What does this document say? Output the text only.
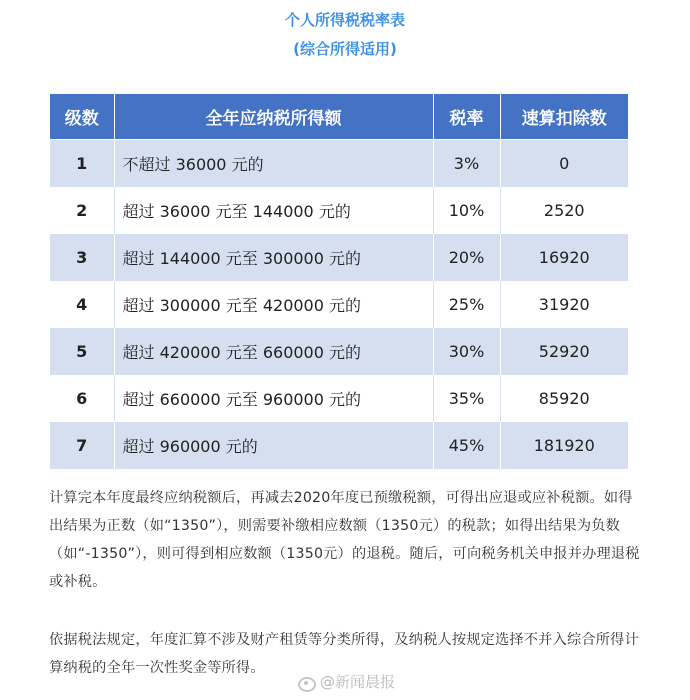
个人所得税税率表
(综合所得适用)
级数	全年应纳税所得额	税率	速算扣除数
1	不超过 36000 元的	3%	0
2	超过 36000 元至 144000 元的	10%	2520
3	超过 144000 元至 300000 元的	20%	16920
4	超过 300000 元至 420000 元的	25%	31920
5	超过 420000 元至 660000 元的	30%	52920
6	超过 660000 元至 960000 元的	35%	85920
7	超过 960000 元的	45%	181920
计算完本年度最终应纳税额后，再减去2020年度已预缴税额，可得出应退或应补税额。如得出结果为正数（如“1350”），则需要补缴相应数额（1350元）的税款；如得出结果为负数（如“-1350”），则可得到相应数额（1350元）的退税。随后，可向税务机关申报并办理退税或补税。
依据税法规定，年度汇算不涉及财产租赁等分类所得，及纳税人按规定选择不并入综合所得计算纳税的全年一次性奖金等所得。
@新闻晨报
